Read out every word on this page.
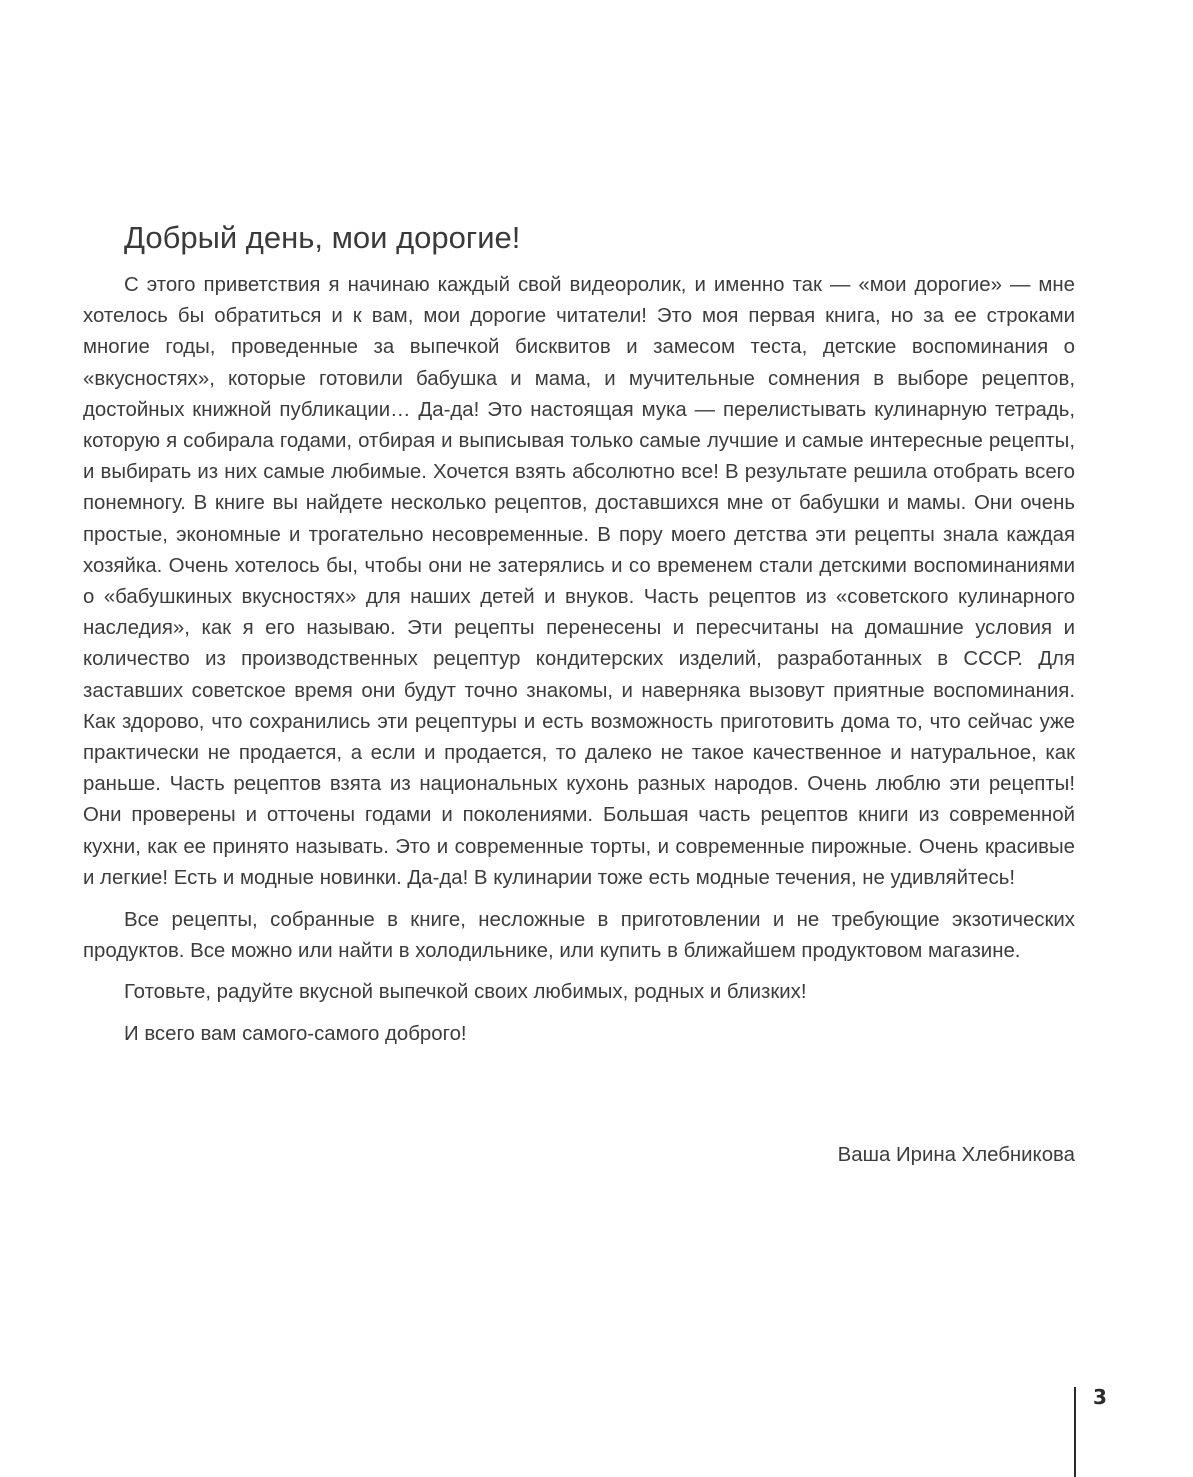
Добрый день, мои дорогие!

С этого приветствия я начинаю каждый свой видеоролик, и именно так — «мои дорогие» — мне хотелось бы обратиться и к вам, мои дорогие читатели! Это моя первая книга, но за ее строками многие годы, проведенные за выпечкой бисквитов и замесом теста, детские воспоминания о «вкусностях», которые готовили бабушка и мама, и мучительные сомнения в выборе рецептов, достойных книжной публикации… Да-да! Это настоящая мука — перелистывать кулинарную тетрадь, которую я собирала годами, отбирая и выписывая только самые лучшие и самые интересные рецепты, и выбирать из них самые любимые. Хочется взять абсолютно все! В результате решила отобрать всего понемногу. В книге вы найдете несколько рецептов, доставшихся мне от бабушки и мамы. Они очень простые, экономные и трогательно несовременные. В пору моего детства эти рецепты знала каждая хозяйка. Очень хотелось бы, чтобы они не затерялись и со временем стали детскими воспоминаниями о «бабушкиных вкусностях» для наших детей и внуков. Часть рецептов из «советского кулинарного наследия», как я его называю. Эти рецепты перенесены и пересчитаны на домашние условия и количество из производственных рецептур кондитерских изделий, разработанных в СССР. Для заставших советское время они будут точно знакомы, и наверняка вызовут приятные воспоминания. Как здорово, что сохранились эти рецептуры и есть возможность приготовить дома то, что сейчас уже практически не продается, а если и продается, то далеко не такое качественное и натуральное, как раньше. Часть рецептов взята из национальных кухонь разных народов. Очень люблю эти рецепты! Они проверены и отточены годами и поколениями. Большая часть рецептов книги из современной кухни, как ее принято называть. Это и современные торты, и современные пирожные. Очень красивые и легкие! Есть и модные новинки. Да-да! В кулинарии тоже есть модные течения, не удивляйтесь!

Все рецепты, собранные в книге, несложные в приготовлении и не требующие экзотических продуктов. Все можно или найти в холодильнике, или купить в ближайшем продуктовом магазине.

Готовьте, радуйте вкусной выпечкой своих любимых, родных и близких!

И всего вам самого-самого доброго!

Ваша Ирина Хлебникова

3
